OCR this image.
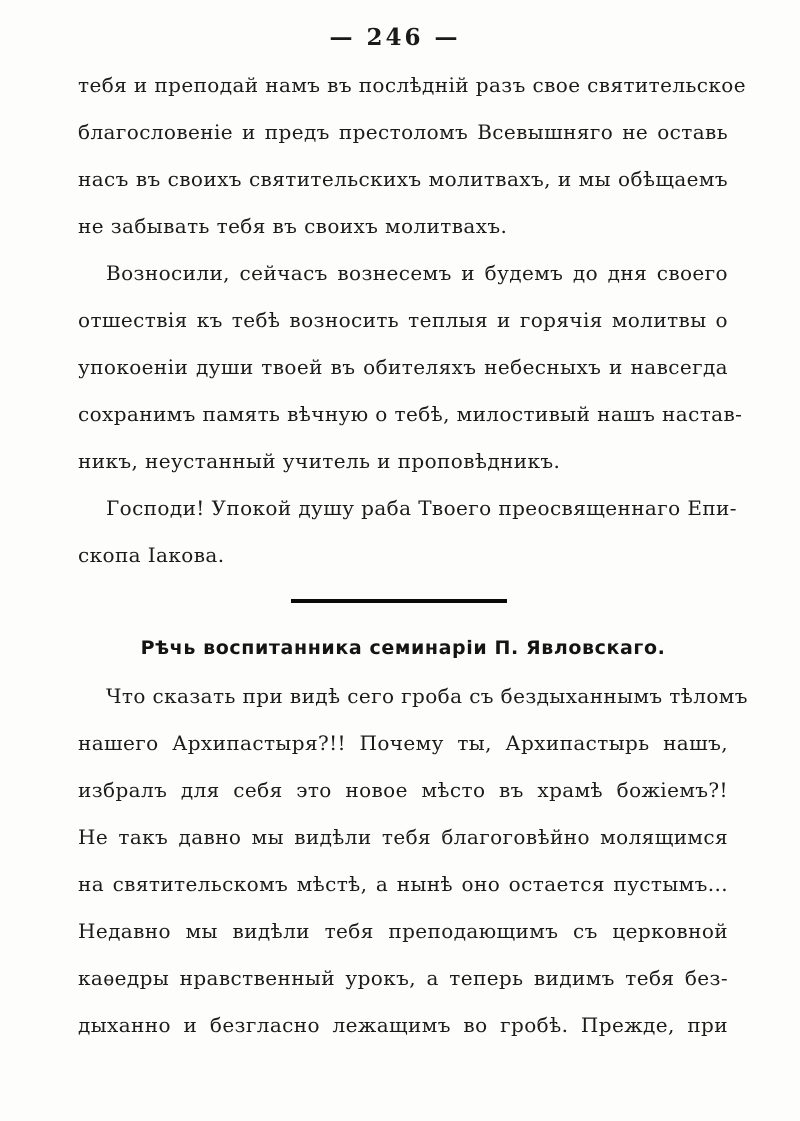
— 246 —

тебя и преподай намъ въ послѣдній разъ свое святительское
благословеніе и предъ престоломъ Всевышняго не оставь
насъ въ своихъ святительскихъ молитвахъ, и мы обѣщаемъ
не забывать тебя въ своихъ молитвахъ.

Возносили, сейчасъ вознесемъ и будемъ до дня своего
отшествія къ тебѣ возносить теплыя и горячія молитвы о
упокоеніи души твоей въ обителяхъ небесныхъ и навсегда
сохранимъ память вѣчную о тебѣ, милостивый нашъ настав-
никъ, неустанный учитель и проповѣдникъ.

Господи! Упокой душу раба Твоего преосвященнаго Епи-
скопа Іакова.

Рѣчь воспитанника семинаріи П. Явловскаго.

Что сказать при видѣ сего гроба съ бездыханнымъ тѣломъ
нашего Архипастыря?!! Почему ты, Архипастырь нашъ,
избралъ для себя это новое мѣсто въ храмѣ божіемъ?!
Не такъ давно мы видѣли тебя благоговѣйно молящимся
на святительскомъ мѣстѣ, а нынѣ оно остается пустымъ...
Недавно мы видѣли тебя преподающимъ съ церковной
каѳедры нравственный урокъ, а теперь видимъ тебя без-
дыханно и безгласно лежащимъ во гробѣ. Прежде, при
